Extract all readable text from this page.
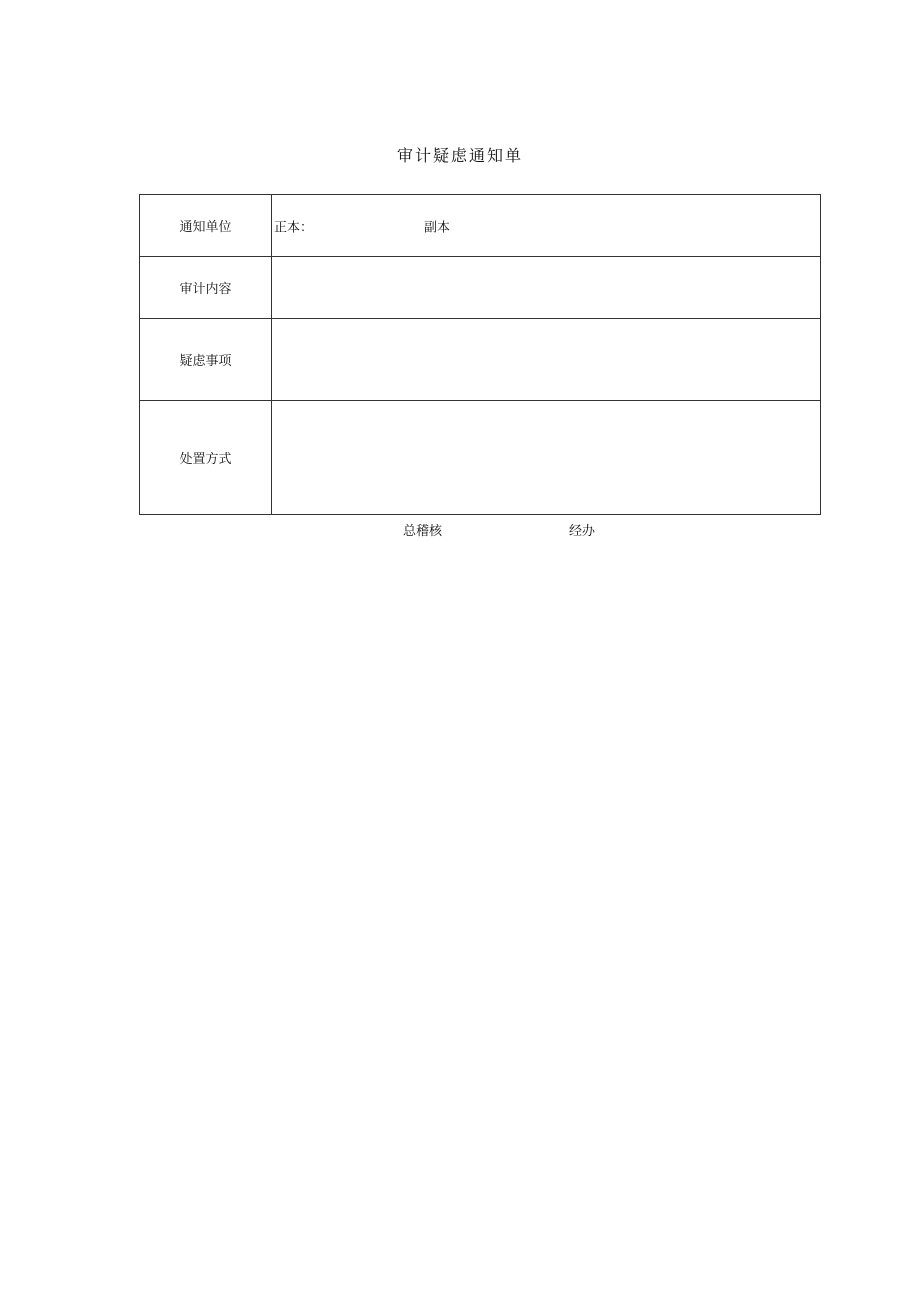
审计疑虑通知单
通知单位	正本： 副本

审计内容	
疑虑事项	
处置方式	
总稽核	经办
